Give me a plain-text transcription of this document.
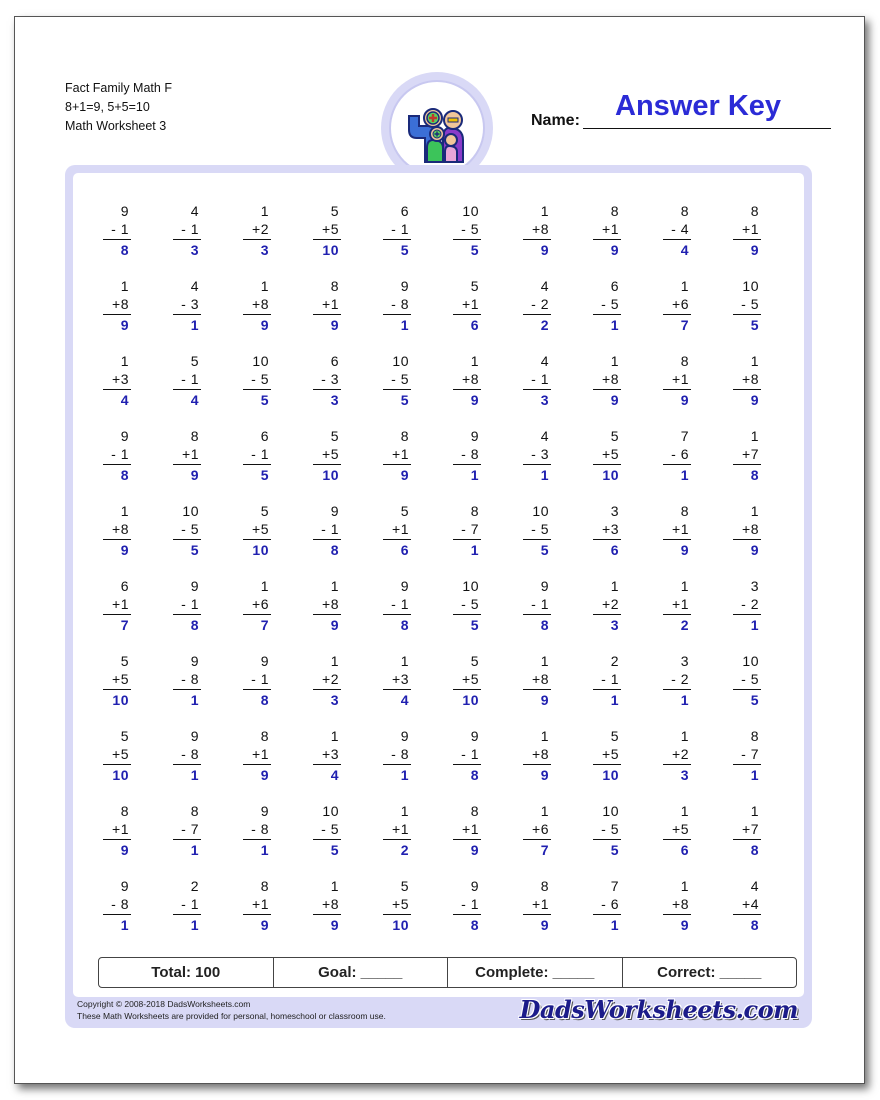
Fact Family Math F
8+1=9, 5+5=10
Math Worksheet 3	Name: Answer Key
9
- 1
8
4
- 1
3
1
+2
3
5
+5
10
6
- 1
5
10
- 5
5
1
+8
9
8
+1
9
8
- 4
4
8
+1
9
1
+8
9
4
- 3
1
1
+8
9
8
+1
9
9
- 8
1
5
+1
6
4
- 2
2
6
- 5
1
1
+6
7
10
- 5
5
1
+3
4
5
- 1
4
10
- 5
5
6
- 3
3
10
- 5
5
1
+8
9
4
- 1
3
1
+8
9
8
+1
9
1
+8
9
9
- 1
8
8
+1
9
6
- 1
5
5
+5
10
8
+1
9
9
- 8
1
4
- 3
1
5
+5
10
7
- 6
1
1
+7
8
1
+8
9
10
- 5
5
5
+5
10
9
- 1
8
5
+1
6
8
- 7
1
10
- 5
5
3
+3
6
8
+1
9
1
+8
9
6
+1
7
9
- 1
8
1
+6
7
1
+8
9
9
- 1
8
10
- 5
5
9
- 1
8
1
+2
3
1
+1
2
3
- 2
1
5
+5
10
9
- 8
1
9
- 1
8
1
+2
3
1
+3
4
5
+5
10
1
+8
9
2
- 1
1
3
- 2
1
10
- 5
5
5
+5
10
9
- 8
1
8
+1
9
1
+3
4
9
- 8
1
9
- 1
8
1
+8
9
5
+5
10
1
+2
3
8
- 7
1
8
+1
9
8
- 7
1
9
- 8
1
10
- 5
5
1
+1
2
8
+1
9
1
+6
7
10
- 5
5
1
+5
6
1
+7
8
9
- 8
1
2
- 1
1
8
+1
9
1
+8
9
5
+5
10
9
- 1
8
8
+1
9
7
- 6
1
1
+8
9
4
+4
8
Total: 100	Goal: _____	Complete: _____	Correct: _____
Copyright © 2008-2018 DadsWorksheets.com
These Math Worksheets are provided for personal, homeschool or classroom use.	DadsWorksheets.com
